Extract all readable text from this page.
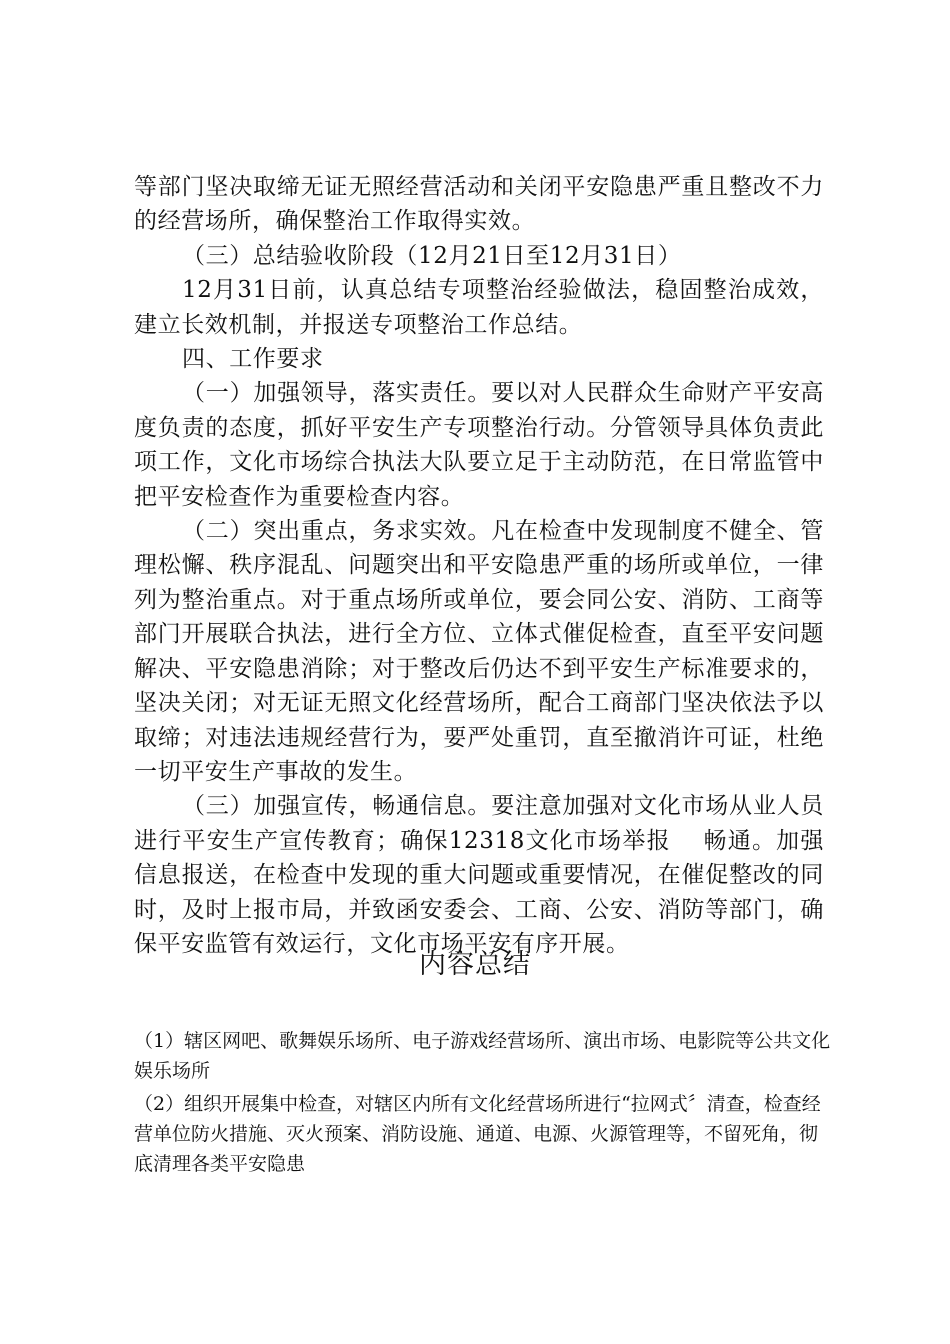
等部门坚决取缔无证无照经营活动和关闭平安隐患严重且整改不力的经营场所，确保整治工作取得实效。

（三）总结验收阶段（12月21日至12月31日）

12月31日前，认真总结专项整治经验做法，稳固整治成效，建立长效机制，并报送专项整治工作总结。

四、工作要求

（一）加强领导，落实责任。要以对人民群众生命财产平安高度负责的态度，抓好平安生产专项整治行动。分管领导具体负责此项工作，文化市场综合执法大队要立足于主动防范，在日常监管中把平安检查作为重要检查内容。

（二）突出重点，务求实效。凡在检查中发现制度不健全、管理松懈、秩序混乱、问题突出和平安隐患严重的场所或单位，一律列为整治重点。对于重点场所或单位，要会同公安、消防、工商等部门开展联合执法，进行全方位、立体式催促检查，直至平安问题解决、平安隐患消除；对于整改后仍达不到平安生产标准要求的，坚决关闭；对无证无照文化经营场所，配合工商部门坚决依法予以取缔；对违法违规经营行为，要严处重罚，直至撤消许可证，杜绝一切平安生产事故的发生。

（三）加强宣传，畅通信息。要注意加强对文化市场从业人员进行平安生产宣传教育；确保12318文化市场举报　 畅通。加强信息报送，在检查中发现的重大问题或重要情况，在催促整改的同时，及时上报市局，并致函安委会、工商、公安、消防等部门，确保平安监管有效运行，文化市场平安有序开展。

内容总结

（1）辖区网吧、歌舞娱乐场所、电子游戏经营场所、演出市场、电影院等公共文化娱乐场所

（2）组织开展集中检查，对辖区内所有文化经营场所进行“拉网式〞清查，检查经营单位防火措施、灭火预案、消防设施、通道、电源、火源管理等，不留死角，彻底清理各类平安隐患
